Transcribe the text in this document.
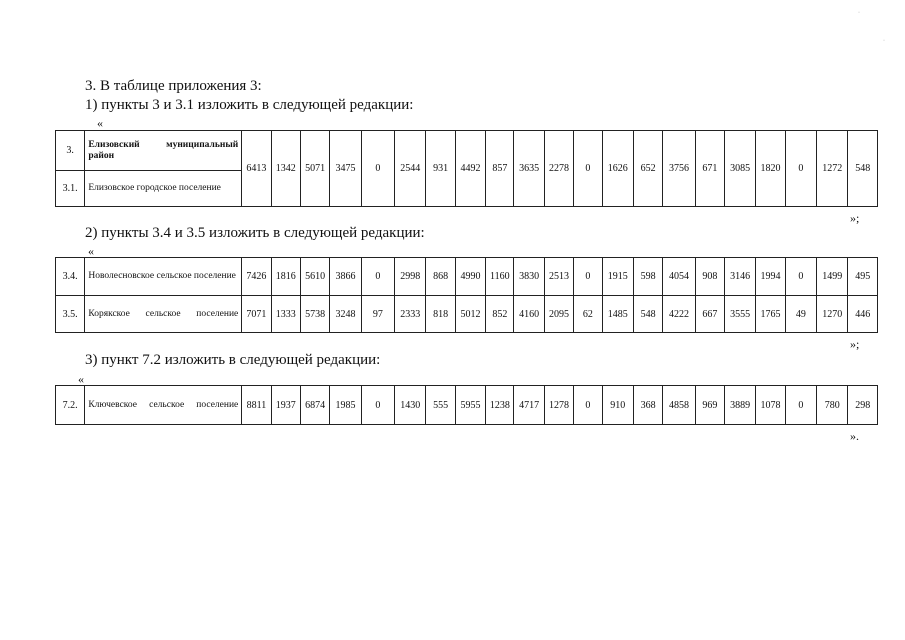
·
·
3. В таблице приложения 3:
1) пункты 3 и 3.1 изложить в следующей редакции:
«
3.	Елизовский муниципальный район	6413	1342	5071	3475	0	2544	931	4492	857	3635	2278	0	1626	652	3756	671	3085	1820	0	1272	548
3.1.	Елизовское городское поселение																					
»;
2) пункты 3.4 и 3.5 изложить в следующей редакции:
«
3.4.	Новолесновское сельское поселение	7426	1816	5610	3866	0	2998	868	4990	1160	3830	2513	0	1915	598	4054	908	3146	1994	0	1499	495
3.5.	Корякское сельское поселение	7071	1333	5738	3248	97	2333	818	5012	852	4160	2095	62	1485	548	4222	667	3555	1765	49	1270	446
»;
3) пункт 7.2 изложить в следующей редакции:
«
7.2.	Ключевское сельское поселение	8811	1937	6874	1985	0	1430	555	5955	1238	4717	1278	0	910	368	4858	969	3889	1078	0	780	298
».
